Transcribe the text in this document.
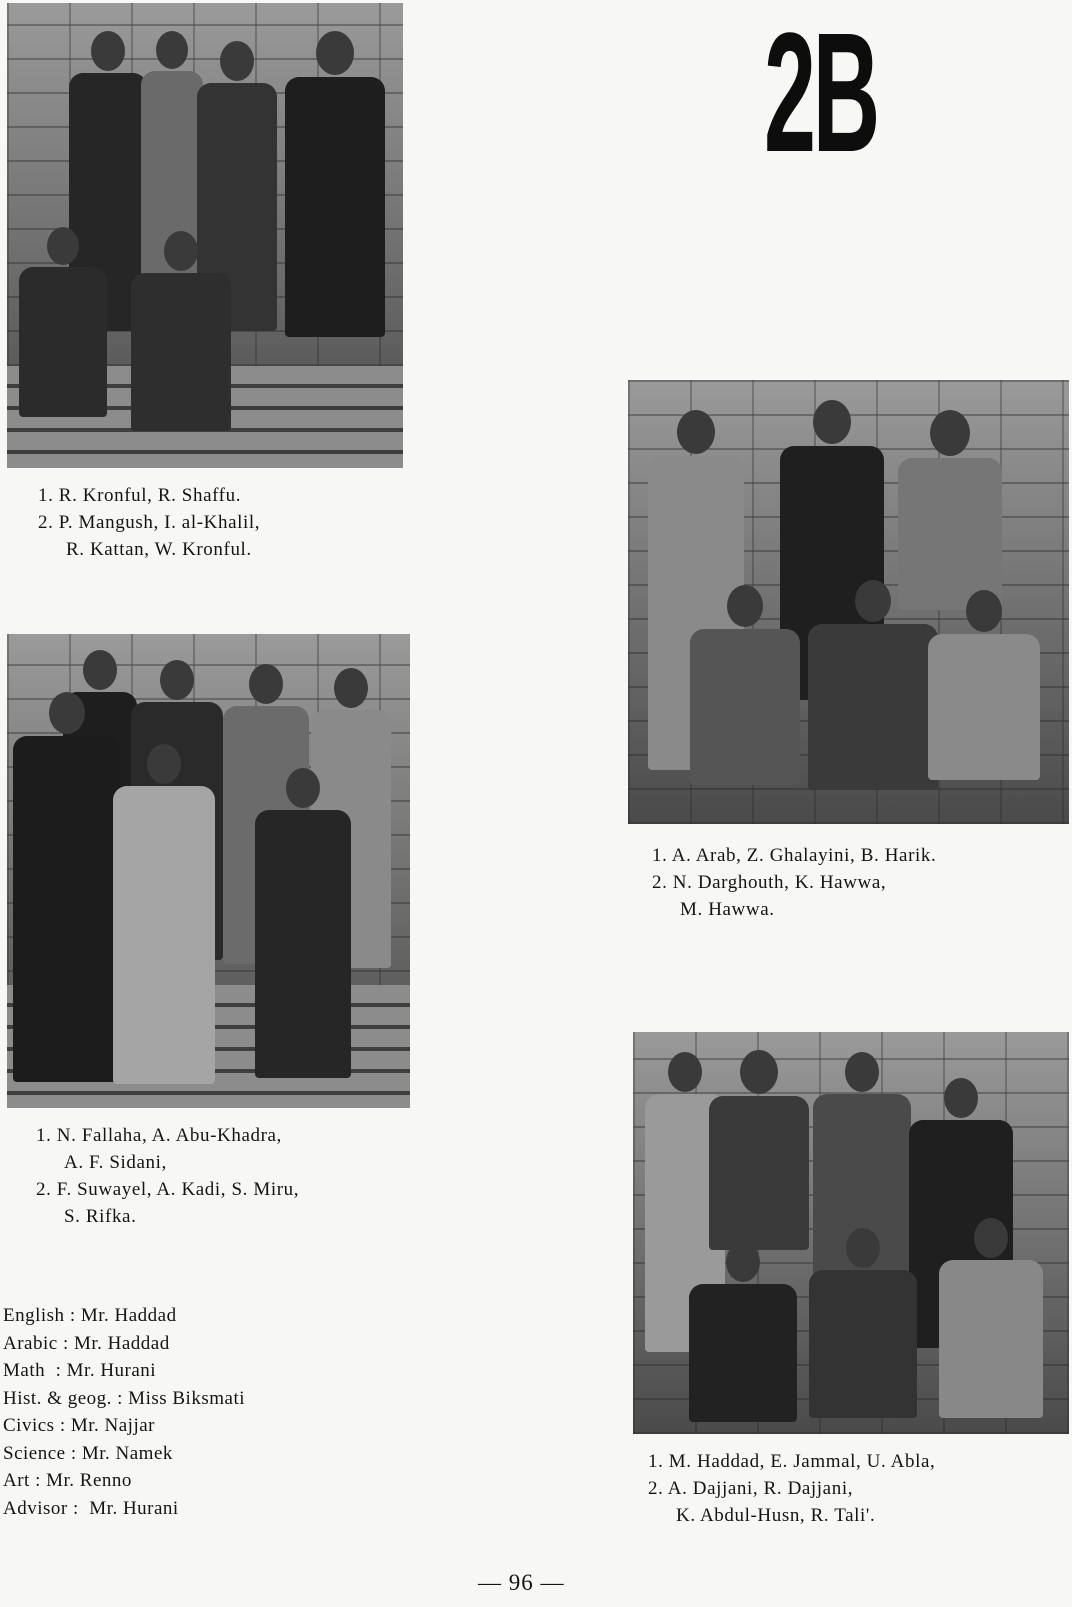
2B
1. R. Kronful, R. Shaffu.
2. P. Mangush, I. al-Khalil,
R. Kattan, W. Kronful.
1. A. Arab, Z. Ghalayini, B. Harik.
2. N. Darghouth, K. Hawwa,
M. Hawwa.
1. N. Fallaha, A. Abu-Khadra,
A. F. Sidani,
2. F. Suwayel, A. Kadi, S. Miru,
S. Rifka.
1. M. Haddad, E. Jammal, U. Abla,
2. A. Dajjani, R. Dajjani,
K. Abdul-Husn, R. Tali'.
English : Mr. Haddad
Arabic : Mr. Haddad
Math : Mr. Hurani
Hist. & geog. : Miss Biksmati
Civics : Mr. Najjar
Science : Mr. Namek
Art : Mr. Renno
Advisor : Mr. Hurani
— 96 —
